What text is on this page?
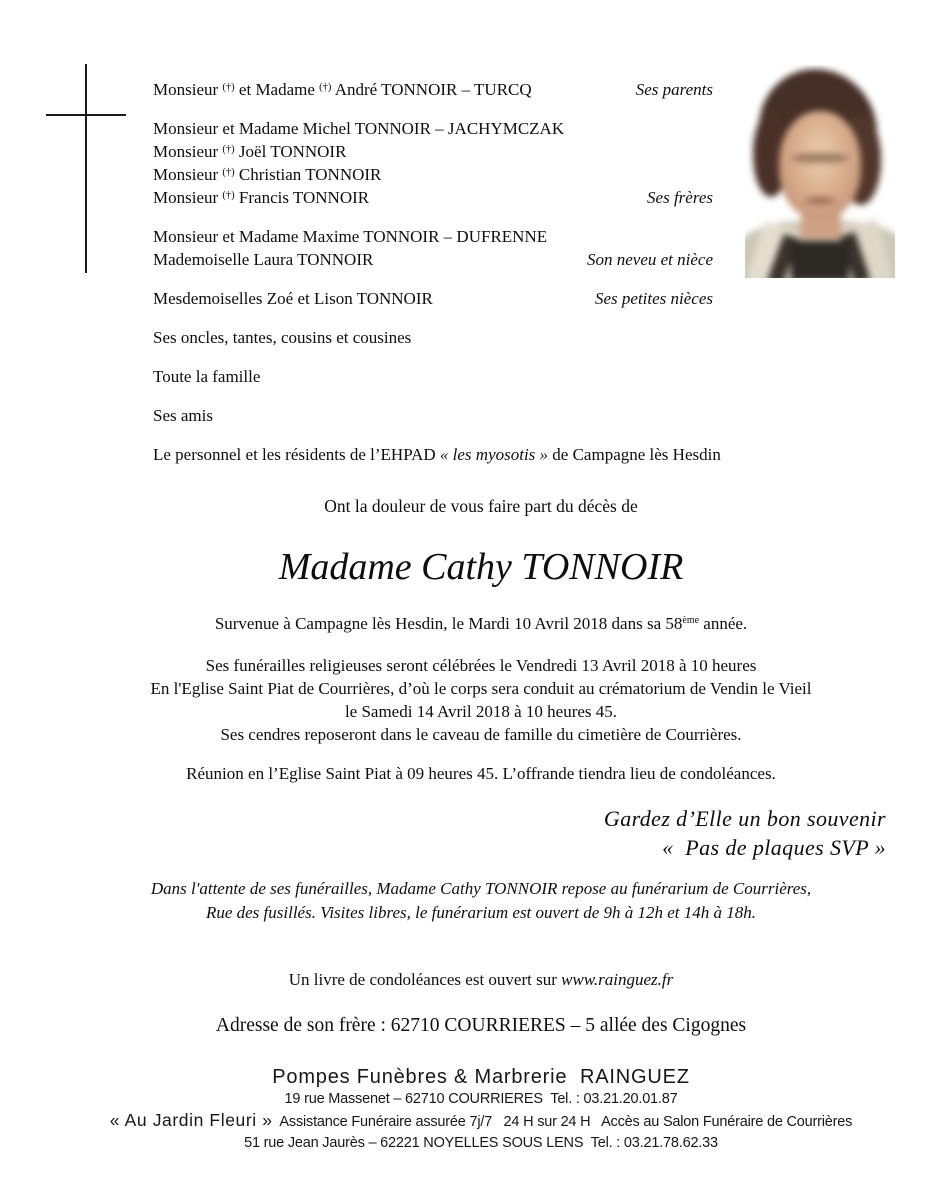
Monsieur (†) et Madame (†) André TONNOIR – TURCQ	Ses parents
Monsieur et Madame Michel TONNOIR – JACHYMCZAK
Monsieur (†) Joël TONNOIR
Monsieur (†) Christian TONNOIR
Monsieur (†) Francis TONNOIR	Ses frères
Monsieur et Madame Maxime TONNOIR – DUFRENNE
Mademoiselle Laura TONNOIR	Son neveu et nièce
Mesdemoiselles Zoé et Lison TONNOIR	Ses petites nièces
Ses oncles, tantes, cousins et cousines
Toute la famille
Ses amis
Le personnel et les résidents de l’EHPAD « les myosotis » de Campagne lès Hesdin
Ont la douleur de vous faire part du décès de
Madame Cathy TONNOIR
Survenue à Campagne lès Hesdin, le Mardi 10 Avril 2018 dans sa 58ème année.
Ses funérailles religieuses seront célébrées le Vendredi 13 Avril 2018 à 10 heures
En l'Eglise Saint Piat de Courrières, d’où le corps sera conduit au crématorium de Vendin le Vieil
le Samedi 14 Avril 2018 à 10 heures 45.
Ses cendres reposeront dans le caveau de famille du cimetière de Courrières.
Réunion en l’Eglise Saint Piat à 09 heures 45. L’offrande tiendra lieu de condoléances.
Gardez d’Elle un bon souvenir
«  Pas de plaques SVP »
Dans l'attente de ses funérailles, Madame Cathy TONNOIR repose au funérarium de Courrières,
Rue des fusillés. Visites libres, le funérarium est ouvert de 9h à 12h et 14h à 18h.
Un livre de condoléances est ouvert sur www.rainguez.fr
Adresse de son frère : 62710 COURRIERES – 5 allée des Cigognes
Pompes Funèbres & Marbrerie  RAINGUEZ
19 rue Massenet – 62710 COURRIERES  Tel. : 03.21.20.01.87
« Au Jardin Fleuri »  Assistance Funéraire assurée 7j/7   24 H sur 24 H   Accès au Salon Funéraire de Courrières
51 rue Jean Jaurès – 62221 NOYELLES SOUS LENS  Tel. : 03.21.78.62.33
